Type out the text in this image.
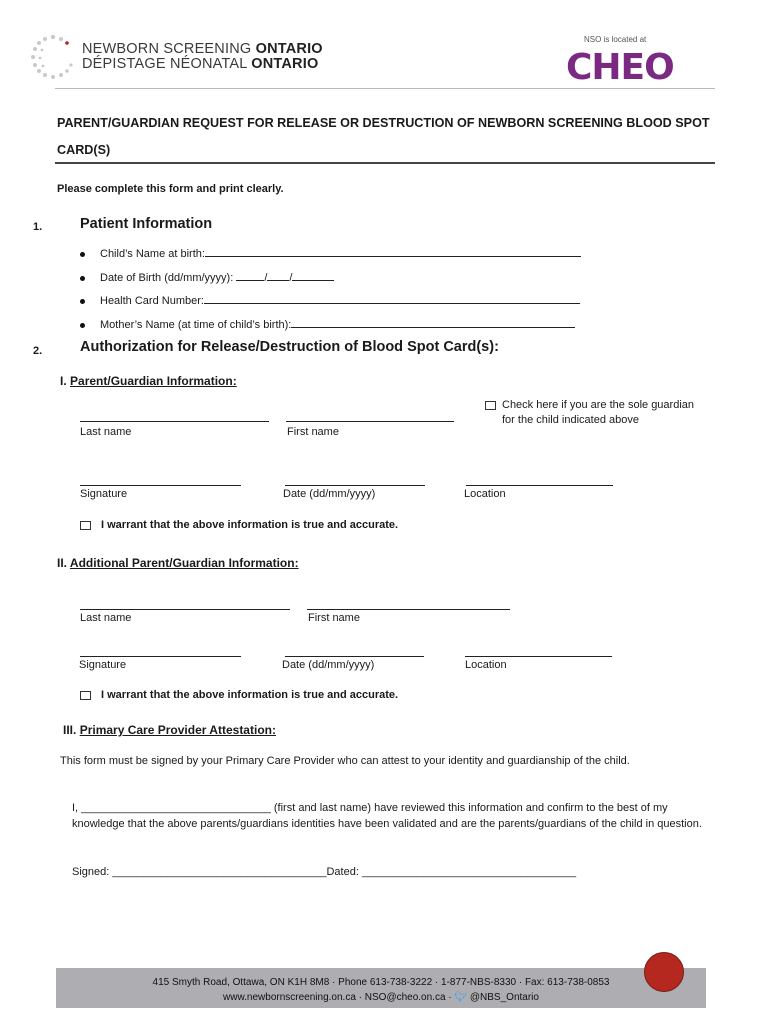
NEWBORN SCREENING ONTARIO
DÉPISTAGE NÉONATAL ONTARIO
NSO is located at
CHEO
PARENT/GUARDIAN REQUEST FOR RELEASE OR DESTRUCTION OF NEWBORN SCREENING BLOOD SPOT
CARD(S)
Please complete this form and print clearly.
1.	Patient Information
Child’s Name at birth:
Date of Birth (dd/mm/yyyy):	/ /
Health Card Number:
Mother’s Name (at time of child’s birth):
2.	Authorization for Release/Destruction of Blood Spot Card(s):
I. Parent/Guardian Information:
Check here if you are the sole guardian
for the child indicated above
Last name	First name
Signature	Date (dd/mm/yyyy)	Location
I warrant that the above information is true and accurate.
II. Additional Parent/Guardian Information:
Last name	First name
Signature	Date (dd/mm/yyyy)	Location
I warrant that the above information is true and accurate.
III. Primary Care Provider Attestation:
This form must be signed by your Primary Care Provider who can attest to your identity and guardianship of the child.
I, _______________________________ (first and last name) have reviewed this information and confirm to the best of my knowledge that the above parents/guardians identities have been validated and are the parents/guardians of the child in question.
Signed: ___________________________________Dated: ___________________________________
415 Smyth Road, Ottawa, ON K1H 8M8 · Phone 613-738-3222 · 1-877-NBS-8330 · Fax: 613-738-0853
www.newbornscreening.on.ca · NSO@cheo.on.ca · 🐦︎ @NBS_Ontario
